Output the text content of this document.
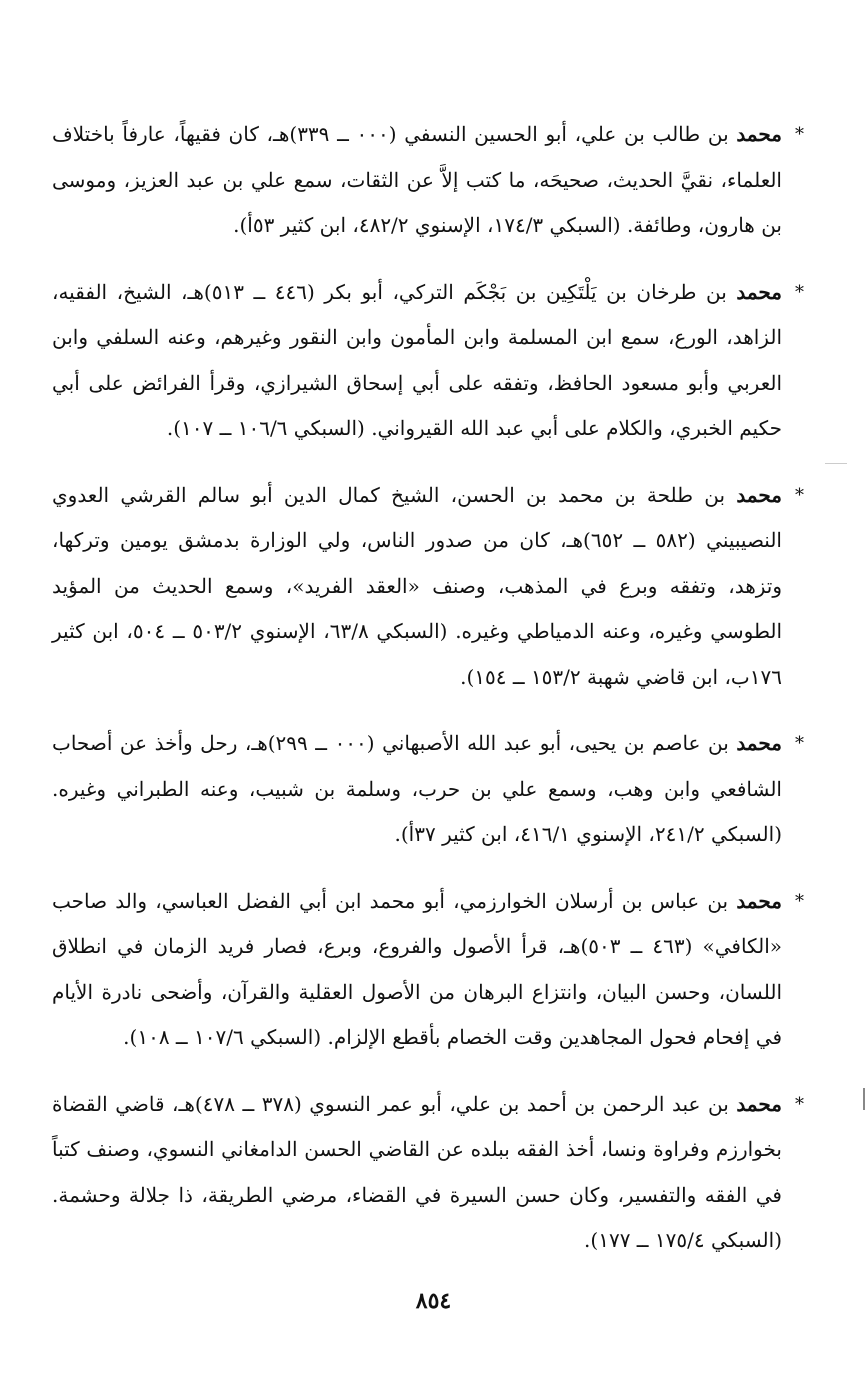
*
محمد بن طالب بن علي، أبو الحسين النسفي (٠٠٠ ــ ٣٣٩)هـ، كان فقيهاً، عارفاً باختلاف العلماء، نقيَّ الحديث، صحيحَه، ما كتب إلاَّ عن الثقات، سمع علي بن عبد العزيز، وموسى بن هارون، وطائفة. (السبكي ١٧٤/٣، الإسنوي ٤٨٢/٢، ابن كثير ٥٣أ).

*
محمد بن طرخان بن يَلْتَكِين بن بَجْكَم التركي، أبو بكر (٤٤٦ ــ ٥١٣)هـ، الشيخ، الفقيه، الزاهد، الورع، سمع ابن المسلمة وابن المأمون وابن النقور وغيرهم، وعنه السلفي وابن العربي وأبو مسعود الحافظ، وتفقه على أبي إسحاق الشيرازي، وقرأ الفرائض على أبي حكيم الخبري، والكلام على أبي عبد الله القيرواني. (السبكي ١٠٦/٦ ــ ١٠٧).

*
محمد بن طلحة بن محمد بن الحسن، الشيخ كمال الدين أبو سالم القرشي العدوي النصيبيني (٥٨٢ ــ ٦٥٢)هـ، كان من صدور الناس، ولي الوزارة بدمشق يومين وتركها، وتزهد، وتفقه وبرع في المذهب، وصنف «العقد الفريد»، وسمع الحديث من المؤيد الطوسي وغيره، وعنه الدمياطي وغيره. (السبكي ٦٣/٨، الإسنوي ٥٠٣/٢ ــ ٥٠٤، ابن كثير ١٧٦ب، ابن قاضي شهبة ١٥٣/٢ ــ ١٥٤).

*
محمد بن عاصم بن يحيى، أبو عبد الله الأصبهاني (٠٠٠ ــ ٢٩٩)هـ، رحل وأخذ عن أصحاب الشافعي وابن وهب، وسمع علي بن حرب، وسلمة بن شبيب، وعنه الطبراني وغيره. (السبكي ٢٤١/٢، الإسنوي ٤١٦/١، ابن كثير ٣٧أ).

*
محمد بن عباس بن أرسلان الخوارزمي، أبو محمد ابن أبي الفضل العباسي، والد صاحب «الكافي» (٤٦٣ ــ ٥٠٣)هـ، قرأ الأصول والفروع، وبرع، فصار فريد الزمان في انطلاق اللسان، وحسن البيان، وانتزاع البرهان من الأصول العقلية والقرآن، وأضحى نادرة الأيام في إفحام فحول المجاهدين وقت الخصام بأقطع الإلزام. (السبكي ١٠٧/٦ ــ ١٠٨).

*
محمد بن عبد الرحمن بن أحمد بن علي، أبو عمر النسوي (٣٧٨ ــ ٤٧٨)هـ، قاضي القضاة بخوارزم وفراوة ونسا، أخذ الفقه ببلده عن القاضي الحسن الدامغاني النسوي، وصنف كتباً في الفقه والتفسير، وكان حسن السيرة في القضاء، مرضي الطريقة، ذا جلالة وحشمة. (السبكي ١٧٥/٤ ــ ١٧٧).

٨٥٤
